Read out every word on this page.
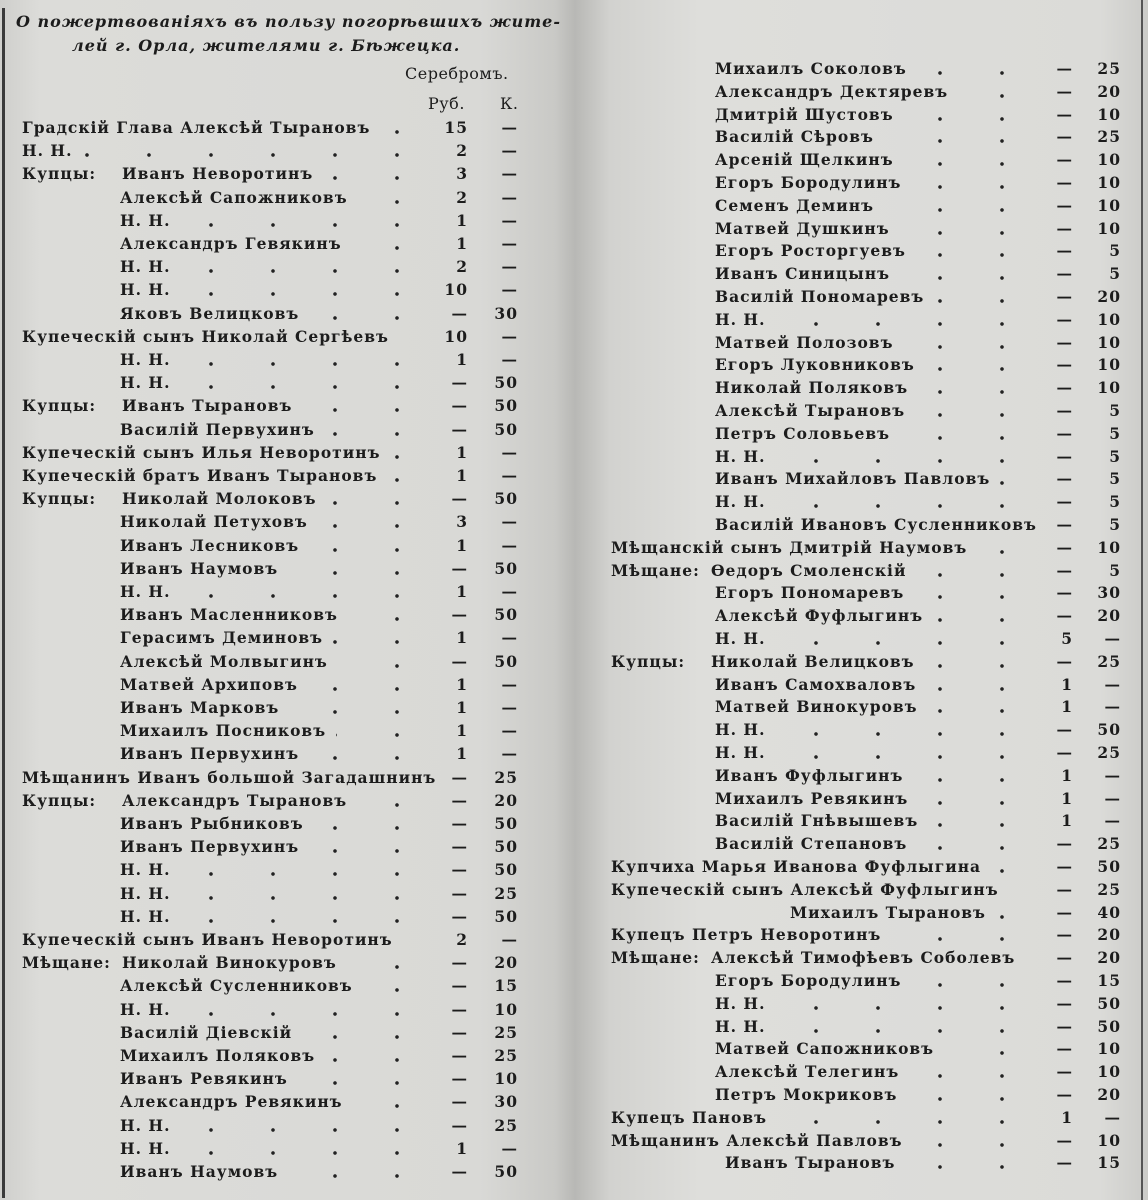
О пожертвованіяхъ въ пользу погорѣвшихъ жите-
лей г. Орла, жителями г. Бѣжецка.
Серебромъ.
Руб. К.
Градскій Глава Алексѣй Тырановъ	15	—
Н. Н.	2	—
Купцы: Иванъ Неворотинъ	3	—
Алексѣй Сапожниковъ	2	—
Н. Н.	1	—
Александръ Гевякинъ	1	—
Н. Н.	2	—
Н. Н.	10	—
Яковъ Велицковъ	—	30
Купеческій сынъ Николай Сергѣевъ	10	—
Н. Н.	1	—
Н. Н.	—	50
Купцы: Иванъ Тырановъ	—	50
Василій Первухинъ	—	50
Купеческій сынъ Илья Неворотинъ	1	—
Купеческій братъ Иванъ Тырановъ	1	—
Купцы: Николай Молоковъ	—	50
Николай Петуховъ	3	—
Иванъ Лесниковъ	1	—
Иванъ Наумовъ	—	50
Н. Н.	1	—
Иванъ Масленниковъ	—	50
Герасимъ Деминовъ	1	—
Алексѣй Молвыгинъ	—	50
Матвей Архиповъ	1	—
Иванъ Марковъ	1	—
Михаилъ Посниковъ	1	—
Иванъ Первухинъ	1	—
Мѣщанинъ Иванъ большой Загадашнинъ —	25
Купцы: Александръ Тырановъ	—	20
Иванъ Рыбниковъ	—	50
Иванъ Первухинъ	—	50
Н. Н.	—	50
Н. Н.	—	25
Н. Н.	—	50
Купеческій сынъ Иванъ Неворотинъ	2	—
Мѣщане: Николай Винокуровъ	—	20
Алексѣй Сусленниковъ	—	15
Н. Н.	—	10
Василій Діевскій	—	25
Михаилъ Поляковъ	—	25
Иванъ Ревякинъ	—	10
Александръ Ревякинъ	—	30
Н. Н.	—	25
Н. Н.	1	—
Иванъ Наумовъ	—	50
Михаилъ Соколовъ	—	25
Александръ Дектяревъ	—	20
Дмитрій Шустовъ	—	10
Василій Сѣровъ	—	25
Арсеній Щелкинъ	—	10
Егоръ Бородулинъ	—	10
Семенъ Деминъ	—	10
Матвей Душкинъ	—	10
Егоръ Росторгуевъ	—	5
Иванъ Синицынъ	—	5
Василій Пономаревъ	—	20
Н. Н.	—	10
Матвей Полозовъ	—	10
Егоръ Луковниковъ	—	10
Николай Поляковъ	—	10
Алексѣй Тырановъ	—	5
Петръ Соловьевъ	—	5
Н. Н.	—	5
Иванъ Михайловъ Павловъ	—	5
Н. Н.	—	5
Василій Ивановъ Сусленниковъ	—	5
Мѣщанскій сынъ Дмитрій Наумовъ	—	10
Мѣщане: Өедоръ Смоленскій	—	5
Егоръ Пономаревъ	—	30
Алексѣй Фуфлыгинъ	—	20
Н. Н.	5	—
Купцы: Николай Велицковъ	—	25
Иванъ Самохваловъ	1	—
Матвей Винокуровъ	1	—
Н. Н.	—	50
Н. Н.	—	25
Иванъ Фуфлыгинъ	1	—
Михаилъ Ревякинъ	1	—
Василій Гнѣвышевъ	1	—
Василій Степановъ	—	25
Купчиха Марья Иванова Фуфлыгина	—	50
Купеческій сынъ Алексѣй Фуфлыгинъ	—	25
Михаилъ Тырановъ	—	40
Купецъ Петръ Неворотинъ	—	20
Мѣщане: Алексѣй Тимофѣевъ Соболевъ	—	20
Егоръ Бородулинъ	—	15
Н. Н.	—	50
Н. Н.	—	50
Матвей Сапожниковъ	—	10
Алексѣй Телегинъ	—	10
Петръ Мокриковъ	—	20
Купецъ Пановъ	1	—
Мѣщанинъ Алексѣй Павловъ	—	10
Иванъ Тырановъ	—	15
